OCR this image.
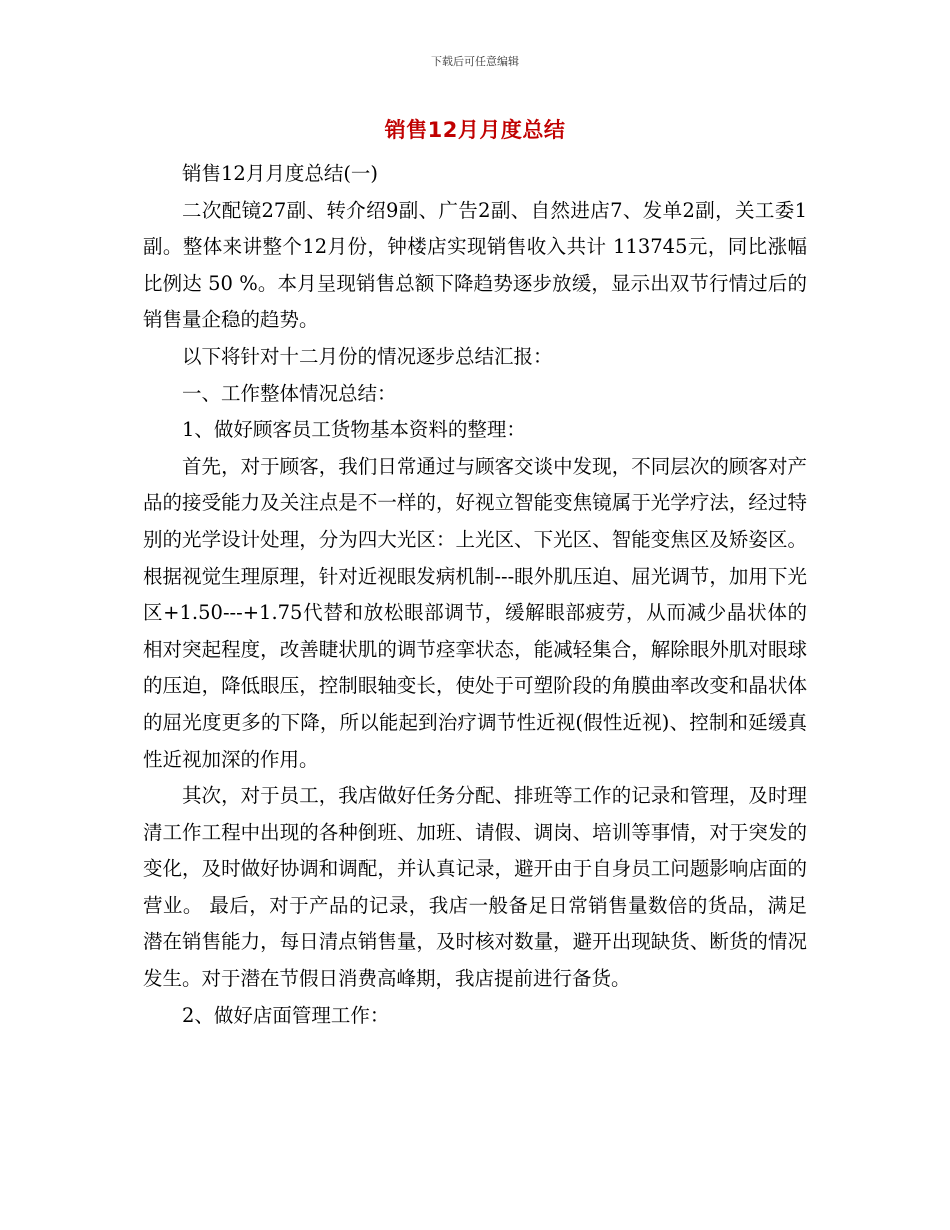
下载后可任意编辑
销售12月月度总结

销售12月月度总结(一)

二次配镜27副、转介绍9副、广告2副、自然进店7、发单2副，关工委1副。整体来讲整个12月份，钟楼店实现销售收入共计 113745元，同比涨幅比例达 50 %。本月呈现销售总额下降趋势逐步放缓，显示出双节行情过后的销售量企稳的趋势。

以下将针对十二月份的情况逐步总结汇报：

一、工作整体情况总结：

1、做好顾客员工货物基本资料的整理：

首先，对于顾客，我们日常通过与顾客交谈中发现，不同层次的顾客对产品的接受能力及关注点是不一样的，好视立智能变焦镜属于光学疗法，经过特别的光学设计处理，分为四大光区：上光区、下光区、智能变焦区及矫姿区。根据视觉生理原理，针对近视眼发病机制---眼外肌压迫、屈光调节，加用下光区+1.50---+1.75代替和放松眼部调节，缓解眼部疲劳，从而减少晶状体的相对突起程度，改善睫状肌的调节痉挛状态，能减轻集合，解除眼外肌对眼球的压迫，降低眼压，控制眼轴变长，使处于可塑阶段的角膜曲率改变和晶状体的屈光度更多的下降，所以能起到治疗调节性近视(假性近视)、控制和延缓真性近视加深的作用。

其次，对于员工，我店做好任务分配、排班等工作的记录和管理，及时理清工作工程中出现的各种倒班、加班、请假、调岗、培训等事情，对于突发的变化，及时做好协调和调配，并认真记录，避开由于自身员工问题影响店面的营业。 最后，对于产品的记录，我店一般备足日常销售量数倍的货品，满足潜在销售能力，每日清点销售量，及时核对数量，避开出现缺货、断货的情况发生。对于潜在节假日消费高峰期，我店提前进行备货。

2、做好店面管理工作：
